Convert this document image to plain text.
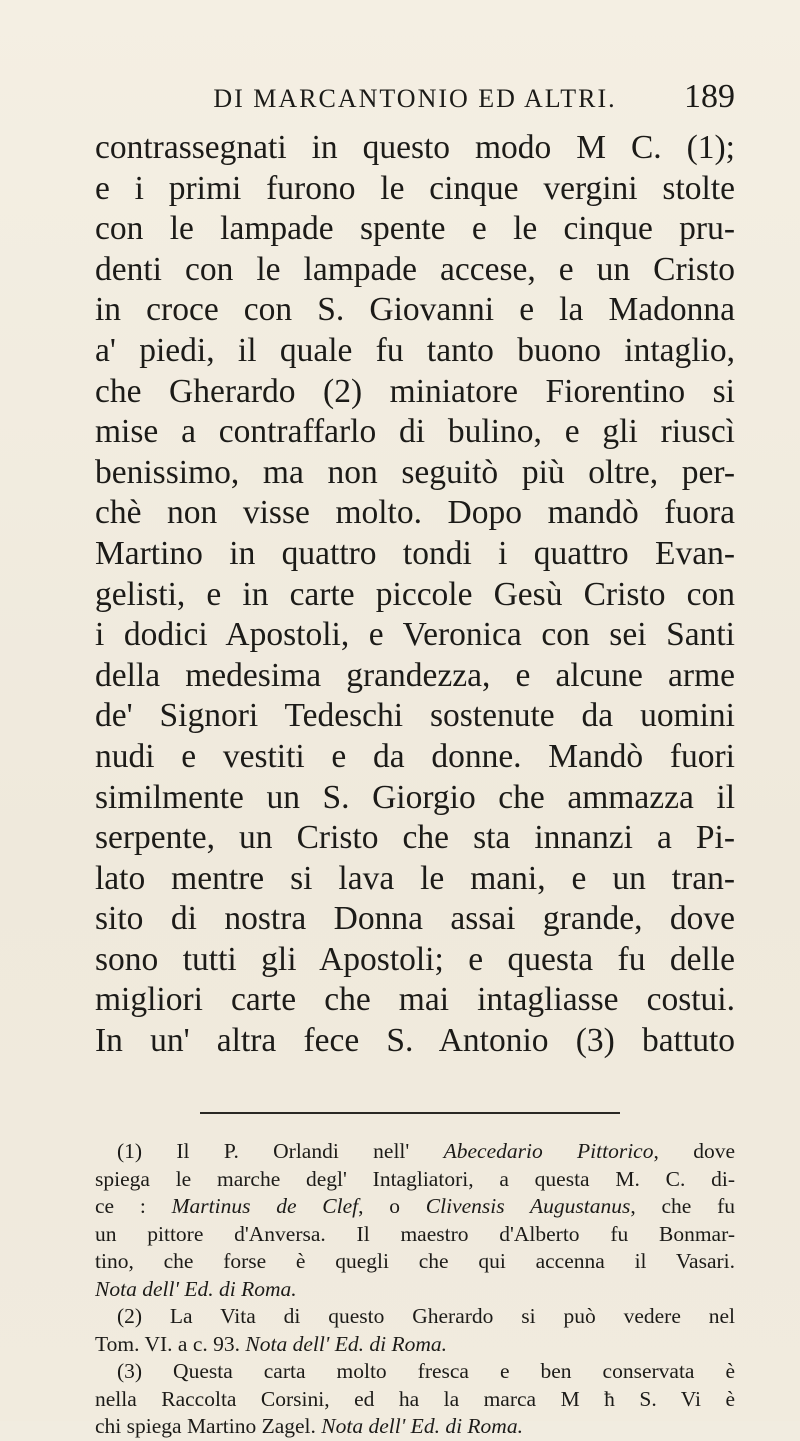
DI MARCANTONIO ED ALTRI.	189
contrassegnati in questo modo M C. (1);
e i primi furono le cinque vergini stolte
con le lampade spente e le cinque pru-
denti con le lampade accese, e un Cristo
in croce con S. Giovanni e la Madonna
a' piedi, il quale fu tanto buono intaglio,
che Gherardo (2) miniatore Fiorentino si
mise a contraffarlo di bulino, e gli riuscì
benissimo, ma non seguitò più oltre, per-
chè non visse molto. Dopo mandò fuora
Martino in quattro tondi i quattro Evan-
gelisti, e in carte piccole Gesù Cristo con
i dodici Apostoli, e Veronica con sei Santi
della medesima grandezza, e alcune arme
de' Signori Tedeschi sostenute da uomini
nudi e vestiti e da donne. Mandò fuori
similmente un S. Giorgio che ammazza il
serpente, un Cristo che sta innanzi a Pi-
lato mentre si lava le mani, e un tran-
sito di nostra Donna assai grande, dove
sono tutti gli Apostoli; e questa fu delle
migliori carte che mai intagliasse costui.
In un' altra fece S. Antonio (3) battuto
(1) Il P. Orlandi nell' Abecedario Pittorico, dove
spiega le marche degl' Intagliatori, a questa M. C. di-
ce : Martinus de Clef, o Clivensis Augustanus, che fu
un pittore d'Anversa. Il maestro d'Alberto fu Bonmar-
tino, che forse è quegli che qui accenna il Vasari.
Nota dell' Ed. di Roma.
(2) La Vita di questo Gherardo si può vedere nel
Tom. VI. a c. 93. Nota dell' Ed. di Roma.
(3) Questa carta molto fresca e ben conservata è
nella Raccolta Corsini, ed ha la marca M ħ S. Vi è
chi spiega Martino Zagel. Nota dell' Ed. di Roma.
